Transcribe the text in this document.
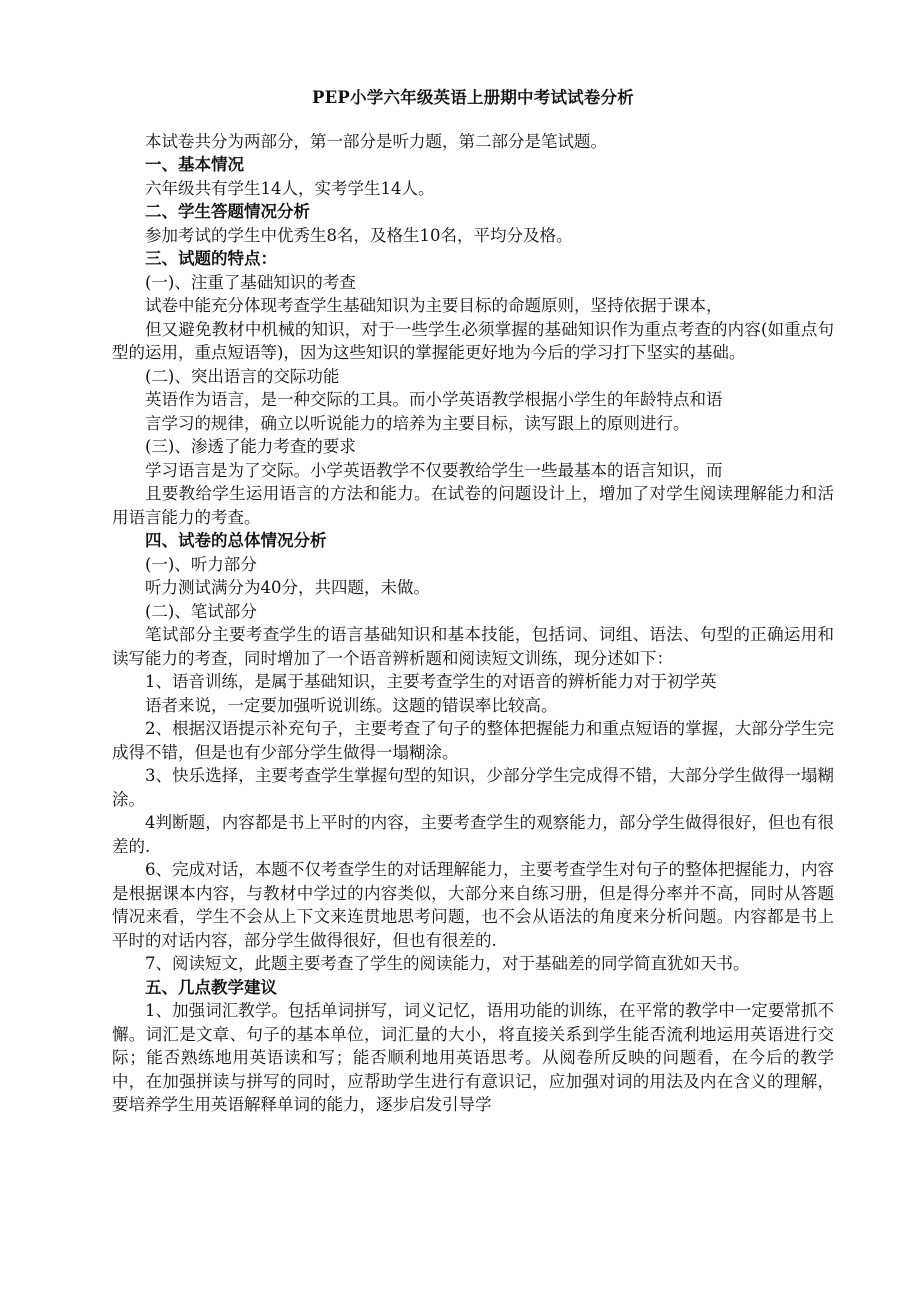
PEP小学六年级英语上册期中考试试卷分析
本试卷共分为两部分，第一部分是听力题，第二部分是笔试题。
一、基本情况
六年级共有学生14人，实考学生14人。
二、学生答题情况分析
参加考试的学生中优秀生8名，及格生10名，平均分及格。
三、试题的特点：
(一)、注重了基础知识的考查
试卷中能充分体现考查学生基础知识为主要目标的命题原则，坚持依据于课本，
但又避免教材中机械的知识，对于一些学生必须掌握的基础知识作为重点考查的内容(如重点句型的运用，重点短语等)，因为这些知识的掌握能更好地为今后的学习打下坚实的基础。
(二)、突出语言的交际功能
英语作为语言，是一种交际的工具。而小学英语教学根据小学生的年龄特点和语
言学习的规律，确立以听说能力的培养为主要目标，读写跟上的原则进行。
(三)、渗透了能力考查的要求
学习语言是为了交际。小学英语教学不仅要教给学生一些最基本的语言知识，而
且要教给学生运用语言的方法和能力。在试卷的问题设计上，增加了对学生阅读理解能力和活用语言能力的考查。
四、试卷的总体情况分析
(一)、听力部分
听力测试满分为40分，共四题，未做。
(二)、笔试部分
笔试部分主要考查学生的语言基础知识和基本技能，包括词、词组、语法、句型的正确运用和读写能力的考查，同时增加了一个语音辨析题和阅读短文训练，现分述如下：
1、语音训练，是属于基础知识，主要考查学生的对语音的辨析能力对于初学英
语者来说，一定要加强听说训练。这题的错误率比较高。
2、根据汉语提示补充句子，主要考查了句子的整体把握能力和重点短语的掌握，大部分学生完成得不错，但是也有少部分学生做得一塌糊涂。
3、快乐选择，主要考查学生掌握句型的知识，少部分学生完成得不错，大部分学生做得一塌糊涂。
4判断题，内容都是书上平时的内容，主要考查学生的观察能力，部分学生做得很好，但也有很差的.
6、完成对话，本题不仅考查学生的对话理解能力，主要考查学生对句子的整体把握能力，内容是根据课本内容，与教材中学过的内容类似，大部分来自练习册，但是得分率并不高，同时从答题情况来看，学生不会从上下文来连贯地思考问题，也不会从语法的角度来分析问题。内容都是书上平时的对话内容，部分学生做得很好，但也有很差的.
7、阅读短文，此题主要考查了学生的阅读能力，对于基础差的同学简直犹如天书。
五、几点教学建议
1、加强词汇教学。包括单词拼写，词义记忆，语用功能的训练，在平常的教学中一定要常抓不懈。词汇是文章、句子的基本单位，词汇量的大小，将直接关系到学生能否流利地运用英语进行交际；能否熟练地用英语读和写；能否顺利地用英语思考。从阅卷所反映的问题看，在今后的教学中，在加强拼读与拼写的同时，应帮助学生进行有意识记，应加强对词的用法及内在含义的理解，要培养学生用英语解释单词的能力，逐步启发引导学
